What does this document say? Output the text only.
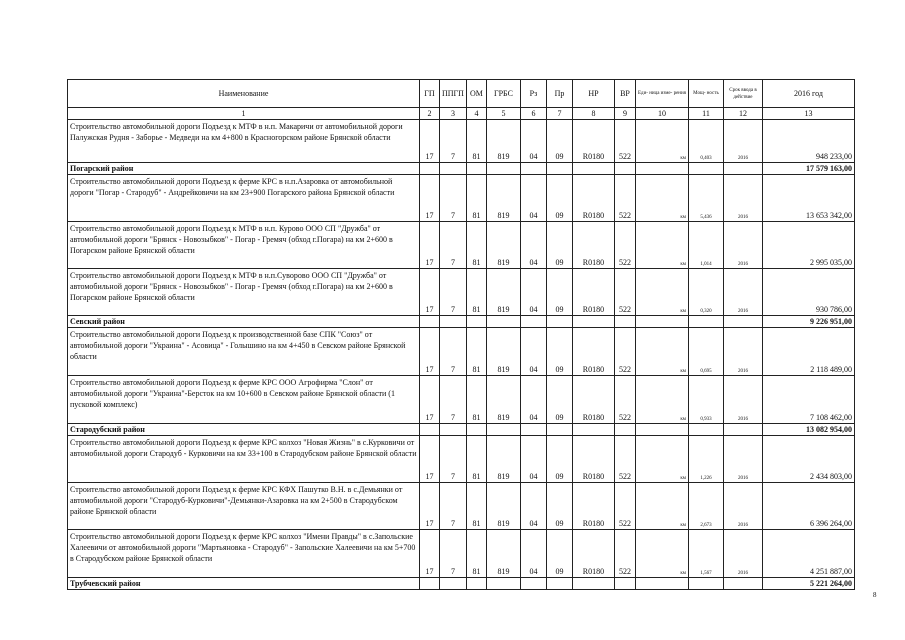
Наименование	ГП	ППГП	ОМ	ГРБС	Рз	Пр	НР	ВР	Еди- ница изме- рения	Мощ- ность	Срок ввода в действие	2016 год
1	2	3	4	5	6	7	8	9	10	11	12	13
Строительство автомобильной дороги Подъезд к МТФ в н.п. Макаричи от автомобильной дороги Палужская Рудня - Заборье - Медведи на км 4+800 в Красногорском районе Брянской области	17	7	81	819	04	09	R0180	522	км	0,403	2016	948 233,00
Погарский район												17 579 163,00
Строительство автомобильной дороги Подъезд к ферме КРС в н.п.Азаровка от автомобильной дороги "Погар - Стародуб" - Андрейковичи на км 23+900 Погарского района Брянской области	17	7	81	819	04	09	R0180	522	км	5,436	2016	13 653 342,00
Строительство автомобильной дороги Подъезд к МТФ в н.п. Курово ООО СП "Дружба" от автомобильной дороги "Брянск - Новозыбков" - Погар - Гремяч (обход г.Погара) на км 2+600 в Погарском районе Брянской области	17	7	81	819	04	09	R0180	522	км	1,014	2016	2 995 035,00
Строительство автомобильной дороги Подъезд к МТФ в н.п.Суворово ООО СП "Дружба" от автомобильной дороги "Брянск - Новозыбков" - Погар - Гремяч (обход г.Погара) на км 2+600 в Погарском районе Брянской области	17	7	81	819	04	09	R0180	522	км	0,320	2016	930 786,00
Севский район												9 226 951,00
Строительство автомобильной дороги Подъезд к производственной базе СПК "Союз" от автомобильной дороги "Украина" - Асовица" - Голышино на км 4+450 в Севском районе Брянской области	17	7	81	819	04	09	R0180	522	км	0,695	2016	2 118 489,00
Строительство автомобильной дороги Подъезд к ферме КРС ООО Агрофирма "Слон" от автомобильной дороги "Украина"-Берсток на км 10+600 в Севском районе Брянской области (1 пусковой комплекс)	17	7	81	819	04	09	R0180	522	км	0,933	2016	7 108 462,00
Стародубский район												13 082 954,00
Строительство автомобильной дороги Подъезд к ферме КРС колхоз "Новая Жизнь" в с.Курковичи от автомобильной дороги Стародуб - Курковичи на км 33+100 в Стародубском районе Брянской области	17	7	81	819	04	09	R0180	522	км	1,226	2016	2 434 803,00
Строительство автомобильной дороги Подъезд к ферме КРС КФХ Пашутко В.Н. в с.Демьянки от автомобильной дороги "Стародуб-Курковичи"-Демьянки-Азаровка на км 2+500 в Стародубском районе Брянской области	17	7	81	819	04	09	R0180	522	км	2,673	2016	6 396 264,00
Строительство автомобильной дороги Подъезд к ферме КРС колхоз "Имени Правды" в с.Запольские Халеевичи от автомобильной дороги "Мартьяновка - Стародуб" - Запольские Халеевичи на км 5+700 в Стародубском районе Брянской области	17	7	81	819	04	09	R0180	522	км	1,567	2016	4 251 887,00
Трубчевский район												5 221 264,00
8
